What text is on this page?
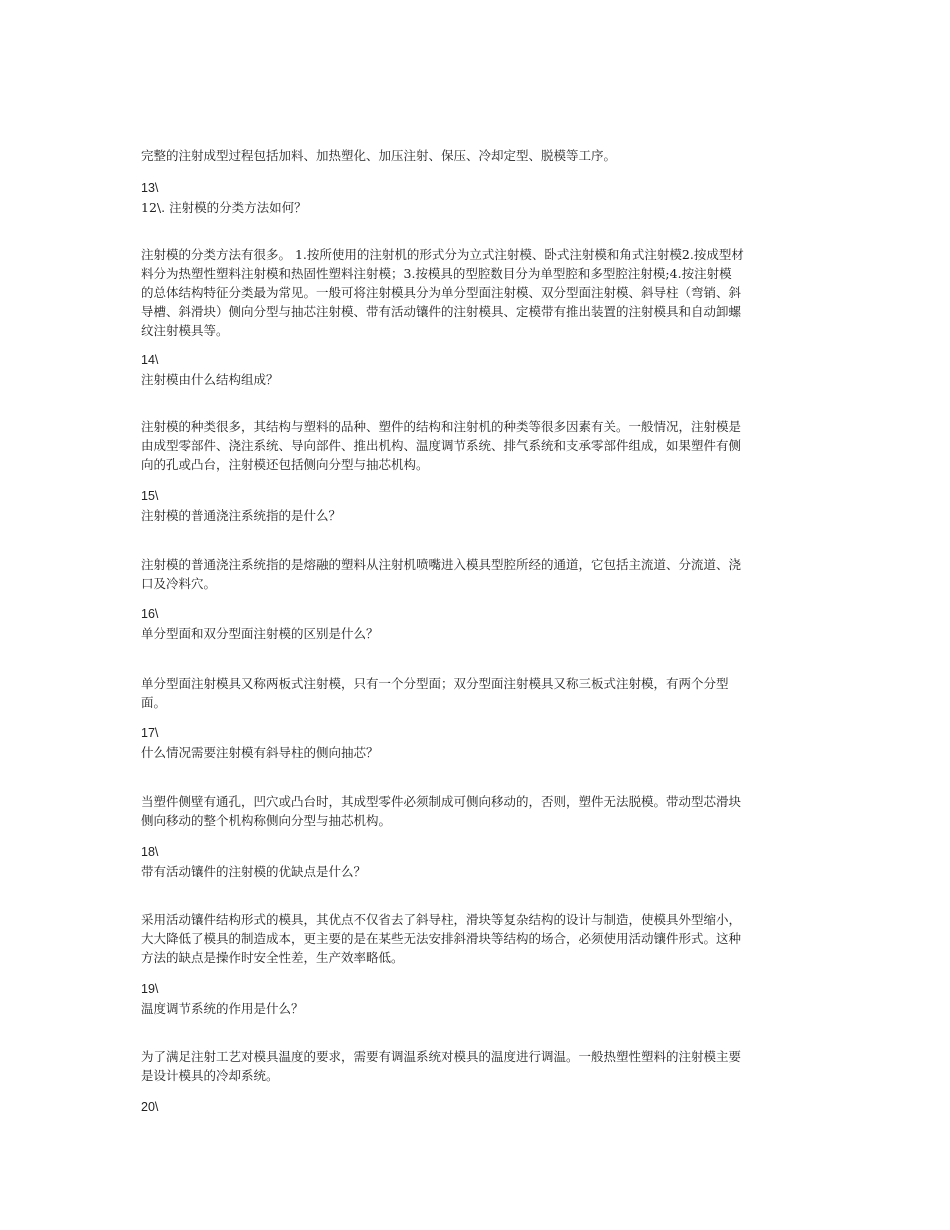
完整的注射成型过程包括加料、加热塑化、加压注射、保压、冷却定型、脱模等工序。
13\
12\. 注射模的分类方法如何？
注射模的分类方法有很多。 1.按所使用的注射机的形式分为立式注射模、卧式注射模和角式注射模2.按成型材
料分为热塑性塑料注射模和热固性塑料注射模；3.按模具的型腔数目分为单型腔和多型腔注射模;4.按注射模
的总体结构特征分类最为常见。一般可将注射模具分为单分型面注射模、双分型面注射模、斜导柱（弯销、斜
导槽、斜滑块）侧向分型与抽芯注射模、带有活动镶件的注射模具、定模带有推出装置的注射模具和自动卸螺
纹注射模具等。
14\
注射模由什么结构组成？
注射模的种类很多，其结构与塑料的品种、塑件的结构和注射机的种类等很多因素有关。一般情况，注射模是
由成型零部件、浇注系统、导向部件、推出机构、温度调节系统、排气系统和支承零部件组成，如果塑件有侧
向的孔或凸台，注射模还包括侧向分型与抽芯机构。
15\
注射模的普通浇注系统指的是什么？
注射模的普通浇注系统指的是熔融的塑料从注射机喷嘴进入模具型腔所经的通道，它包括主流道、分流道、浇
口及冷料穴。
16\
单分型面和双分型面注射模的区别是什么？
单分型面注射模具又称两板式注射模，只有一个分型面；双分型面注射模具又称三板式注射模，有两个分型
面。
17\
什么情况需要注射模有斜导柱的侧向抽芯？
当塑件侧壁有通孔，凹穴或凸台时，其成型零件必须制成可侧向移动的，否则，塑件无法脱模。带动型芯滑块
侧向移动的整个机构称侧向分型与抽芯机构。
18\
带有活动镶件的注射模的优缺点是什么？
采用活动镶件结构形式的模具，其优点不仅省去了斜导柱，滑块等复杂结构的设计与制造，使模具外型缩小，
大大降低了模具的制造成本，更主要的是在某些无法安排斜滑块等结构的场合，必须使用活动镶件形式。这种
方法的缺点是操作时安全性差，生产效率略低。
19\
温度调节系统的作用是什么？
为了满足注射工艺对模具温度的要求，需要有调温系统对模具的温度进行调温。一般热塑性塑料的注射模主要
是设计模具的冷却系统。
20\
